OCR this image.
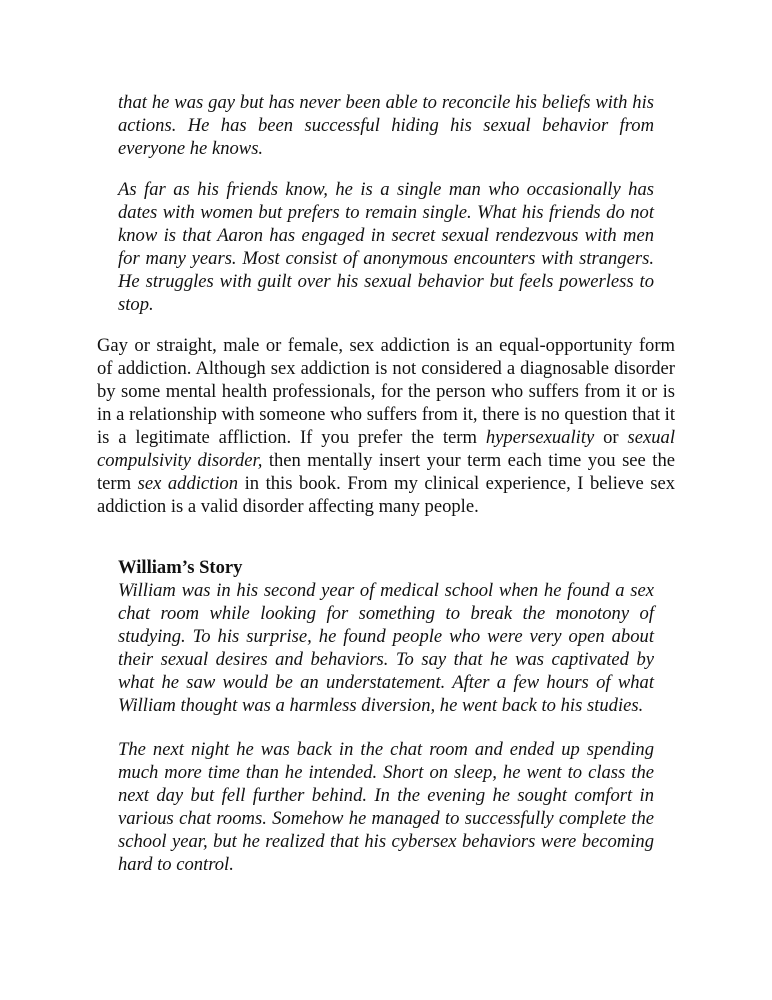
that he was gay but has never been able to reconcile his beliefs with his actions. He has been successful hiding his sexual behavior from everyone he knows.

As far as his friends know, he is a single man who occasionally has dates with women but prefers to remain single. What his friends do not know is that Aaron has engaged in secret sexual rendezvous with men for many years. Most consist of anonymous encounters with strangers. He struggles with guilt over his sexual behavior but feels powerless to stop.

Gay or straight, male or female, sex addiction is an equal-opportunity form of addiction. Although sex addiction is not considered a diagnosable disorder by some mental health professionals, for the person who suffers from it or is in a relationship with someone who suffers from it, there is no question that it is a legitimate affliction. If you prefer the term hypersexuality or sexual compulsivity disorder, then mentally insert your term each time you see the term sex addiction in this book. From my clinical experience, I believe sex addiction is a valid disorder affecting many people.

William’s Story

William was in his second year of medical school when he found a sex chat room while looking for something to break the monotony of studying. To his surprise, he found people who were very open about their sexual desires and behaviors. To say that he was captivated by what he saw would be an understatement. After a few hours of what William thought was a harmless diversion, he went back to his studies.

The next night he was back in the chat room and ended up spending much more time than he intended. Short on sleep, he went to class the next day but fell further behind. In the evening he sought comfort in various chat rooms. Somehow he managed to successfully complete the school year, but he realized that his cybersex behaviors were becoming hard to control.
